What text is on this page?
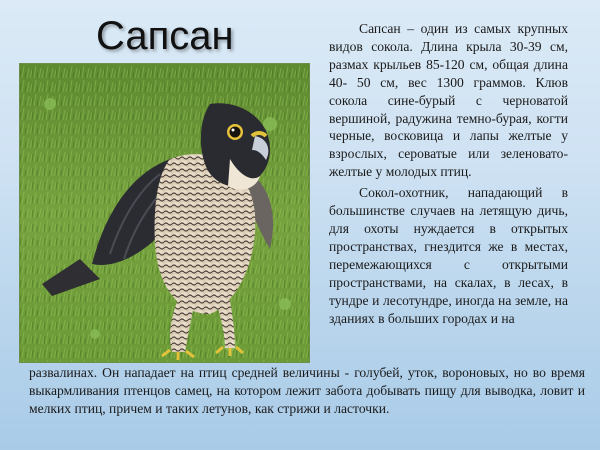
Сапсан	Сапсан – один из самых крупных видов сокола. Длина крыла 30-39 см, размах крыльев 85-120 см, общая длина 40- 50 см, вес 1300 граммов. Клюв сокола сине-бурый с черноватой вершиной, радужина темно-бурая, когти черные, восковица и лапы желтые у взрослых, сероватые или зеленовато-желтые у молодых птиц.

Сокол-охотник, нападающий в большинстве случаев на летящую дичь, для охоты нуждается в открытых пространствах, гнездится же в местах, перемежающихся с открытыми пространствами, на скалах, в лесах, в тундре и лесотундре, иногда на земле, на зданиях в больших городах и на

развалинах. Он нападает на птиц средней величины - голубей, уток, вороновых, но во время выкармливания птенцов самец, на котором лежит забота добывать пищу для выводка, ловит и мелких птиц, причем и таких летунов, как стрижи и ласточки.
